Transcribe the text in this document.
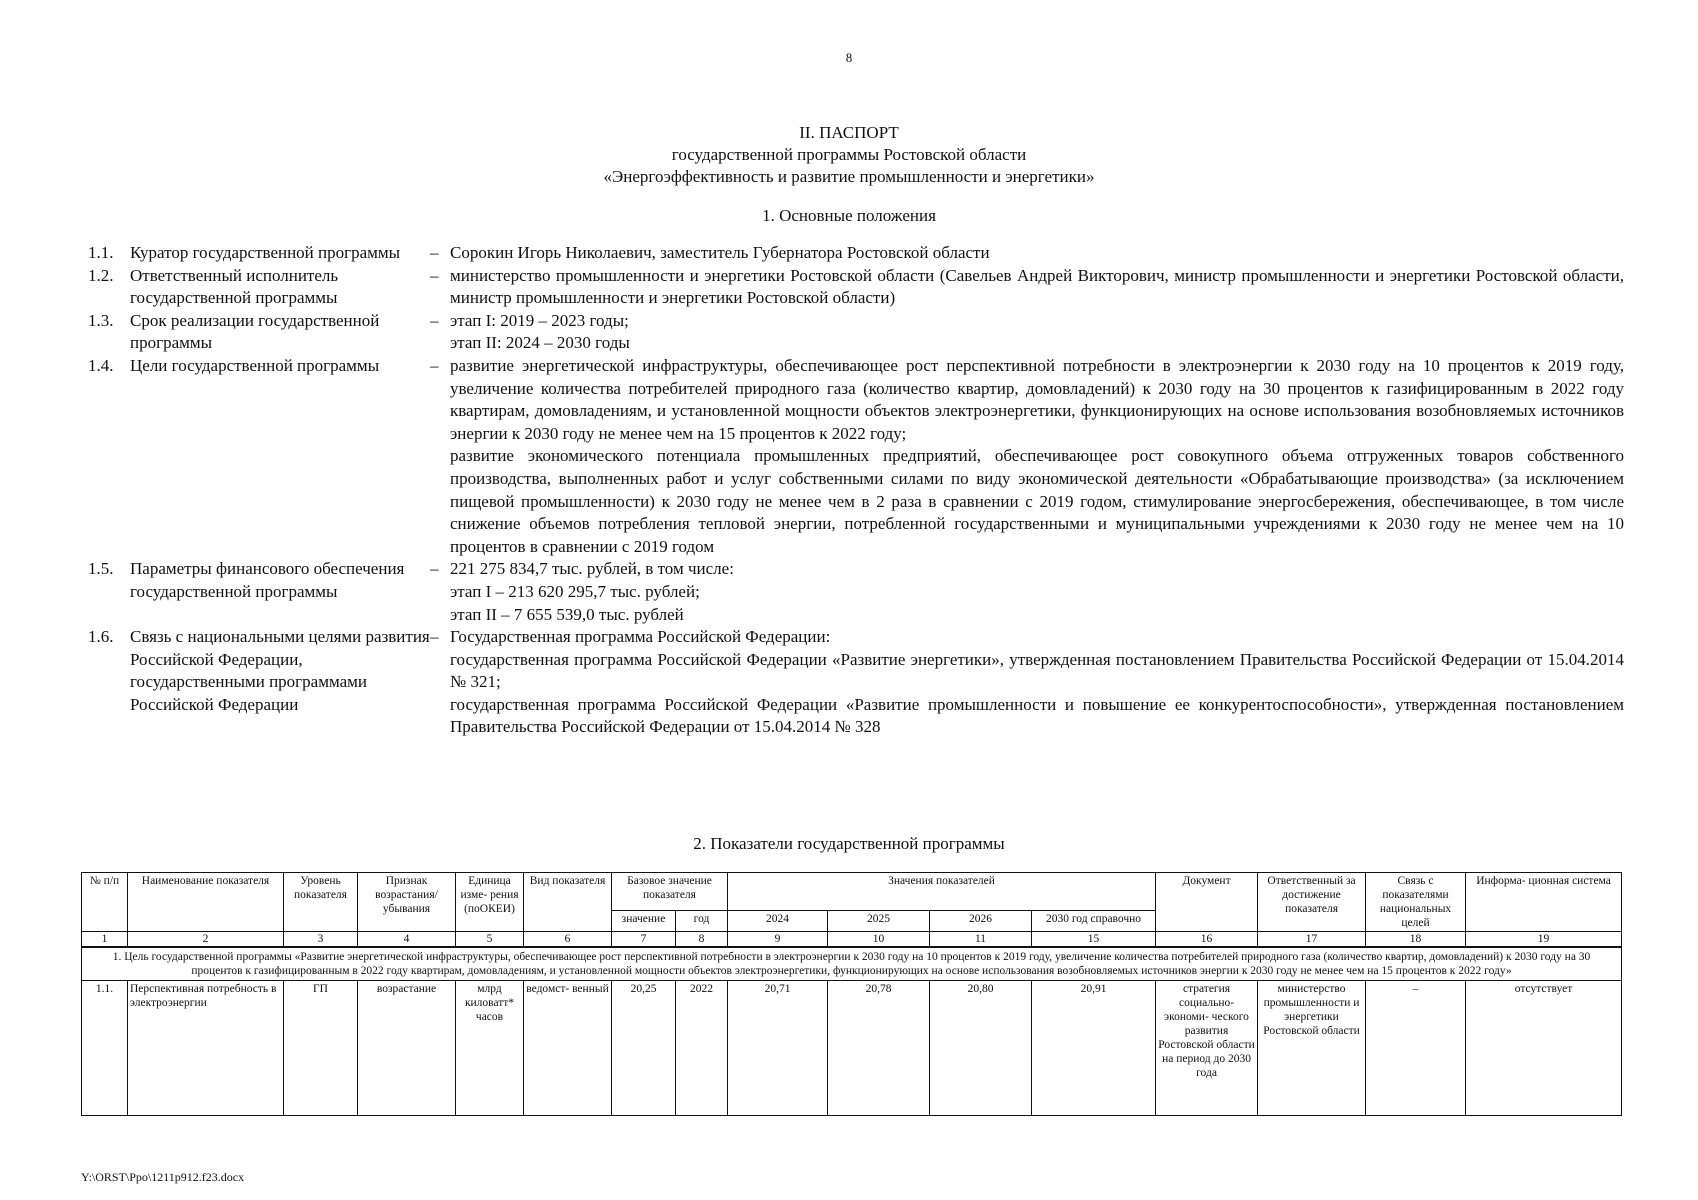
8
II. ПАСПОРТ
государственной программы Ростовской области
«Энергоэффективность и развитие промышленности и энергетики»
1. Основные положения
1.1. Куратор государственной программы	– Сорокин Игорь Николаевич, заместитель Губернатора Ростовской области

1.2. Ответственный исполнитель государственной программы
– министерство промышленности и энергетики Ростовской области (Савельев Андрей Викторович, министр промышленности и энергетики Ростовской области, министр промышленности и энергетики Ростовской области)

1.3. Срок реализации государственной программы
– этап I: 2019 – 2023 годы;

этап II: 2024 – 2030 годы

1.4. Цели государственной программы	– развитие энергетической инфраструктуры, обеспечивающее рост перспективной потребности в электроэнергии к 2030 году на 10 процентов к 2019 году, увеличение количества потребителей природного газа (количество квартир, домовладений) к 2030 году на 30 процентов к газифицированным в 2022 году квартирам, домовладениям, и установленной мощности объектов электроэнергетики, функционирующих на основе использования возобновляемых источников энергии к 2030 году не менее чем на 15 процентов к 2022 году;

развитие экономического потенциала промышленных предприятий, обеспечивающее рост совокупного объема отгруженных товаров собственного производства, выполненных работ и услуг собственными силами по виду экономической деятельности «Обрабатывающие производства» (за исключением пищевой промышленности) к 2030 году не менее чем в 2 раза в сравнении с 2019 годом, стимулирование энергосбережения, обеспечивающее, в том числе снижение объемов потребления тепловой энергии, потребленной государственными и муниципальными учреждениями к 2030 году не менее чем на 10 процентов в сравнении с 2019 годом

1.5. Параметры финансового обеспечения государственной программы
– 221 275 834,7 тыс. рублей, в том числе:

этап I – 213 620 295,7 тыс. рублей;

этап II – 7 655 539,0 тыс. рублей

1.6. Связь с национальными целями развития Российской Федерации, государственными программами Российской Федерации
– Государственная программа Российской Федерации:

государственная программа Российской Федерации «Развитие энергетики», утвержденная постановлением Правительства Российской Федерации от 15.04.2014 № 321;

государственная программа Российской Федерации «Развитие промышленности и повышение ее конкурентоспособности», утвержденная постановлением Правительства Российской Федерации от 15.04.2014 № 328

2. Показатели государственной программы
№ п/п	Наименование показателя	Уровень показателя	Признак возрастания/ убывания	Единица изме- рения (поОКЕИ)	Вид показателя	Базовое значение показателя		Значения показателей				Документ	Ответственный за достижение показателя	Связь с показателями национальных целей	Информа- ционная система
						значение	год	2024	2025	2026	2030 год справочно				
1	2	3	4	5	6	7	8	9	10	11	15	16	17	18	19
1. Цель государственной программы «Развитие энергетической инфраструктуры, обеспечивающее рост перспективной потребности в электроэнергии к 2030 году на 10 процентов к 2019 году, увеличение количества потребителей природного газа (количество квартир, домовладений) к 2030 году на 30 процентов к газифицированным в 2022 году квартирам, домовладениям, и установленной мощности объектов электроэнергетики, функционирующих на основе использования возобновляемых источников энергии к 2030 году не менее чем на 15 процентов к 2022 году»															
1.1.	Перспективная потребность в электроэнергии	ГП	возрастание	млрд киловатт* часов	ведомст- венный	20,25	2022	20,71	20,78	20,80	20,91	стратегия социально- экономи- ческого развития Ростовской области на период до 2030 года	министерство промышленности и энергетики Ростовской области	–	отсутствует
Y:\ORST\Ppo\1211p912.f23.docx
